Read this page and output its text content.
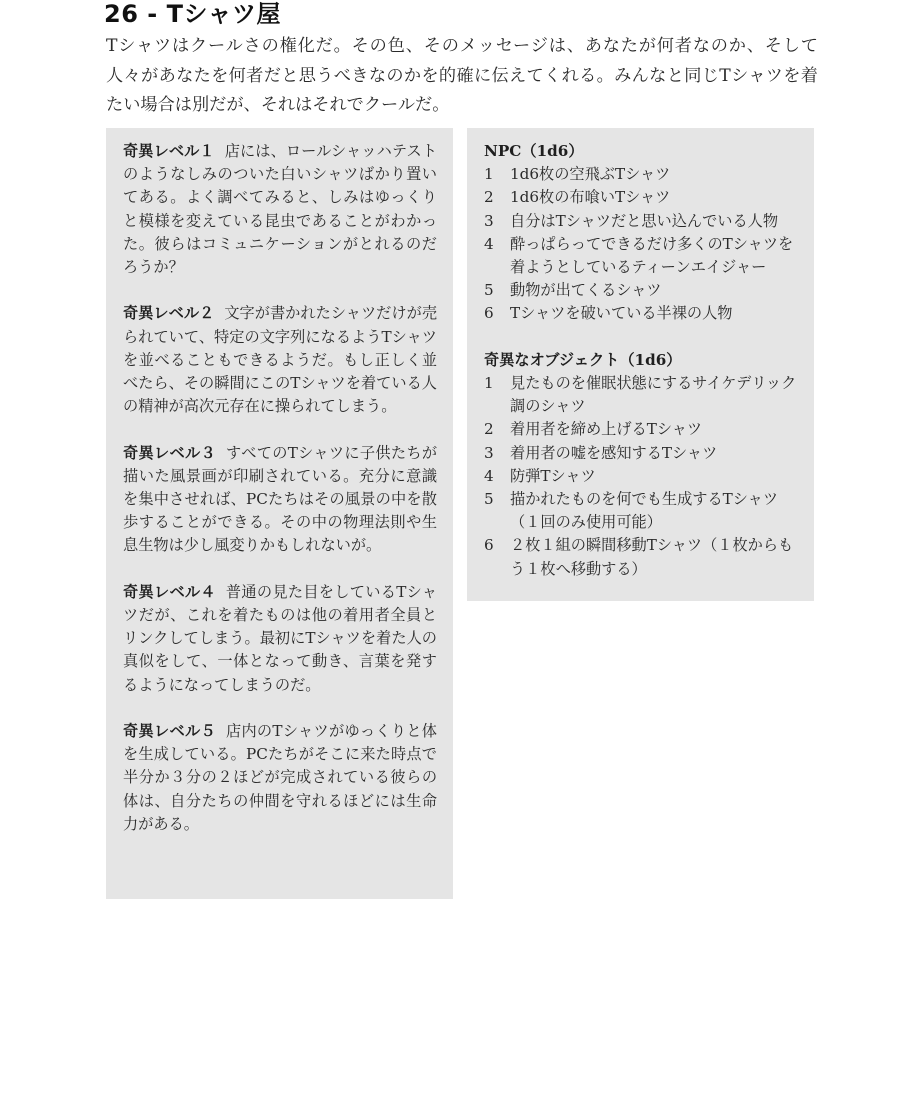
26 - Tシャツ屋
Tシャツはクールさの権化だ。その色、そのメッセージは、あなたが何者なのか、そして人々があなたを何者だと思うべきなのかを的確に伝えてくれる。みんなと同じTシャツを着たい場合は別だが、それはそれでクールだ。

奇異レベル１ 店には、ロールシャッハテストのようなしみのついた白いシャツばかり置いてある。よく調べてみると、しみはゆっくりと模様を変えている昆虫であることがわかった。彼らはコミュニケーションがとれるのだろうか？

奇異レベル２ 文字が書かれたシャツだけが売られていて、特定の文字列になるようTシャツを並べることもできるようだ。もし正しく並べたら、その瞬間にこのTシャツを着ている人の精神が高次元存在に操られてしまう。

奇異レベル３ すべてのTシャツに子供たちが描いた風景画が印刷されている。充分に意識を集中させれば、PCたちはその風景の中を散歩することができる。その中の物理法則や生息生物は少し風変りかもしれないが。

奇異レベル４ 普通の見た目をしているTシャツだが、これを着たものは他の着用者全員とリンクしてしまう。最初にTシャツを着た人の真似をして、一体となって動き、言葉を発するようになってしまうのだ。

奇異レベル５ 店内のTシャツがゆっくりと体を生成している。PCたちがそこに来た時点で半分か３分の２ほどが完成されている彼らの体は、自分たちの仲間を守れるほどには生命力がある。

NPC（1d6）
1	1d6枚の空飛ぶTシャツ
2	1d6枚の布喰いTシャツ
3	自分はTシャツだと思い込んでいる人物
4	酔っぱらってできるだけ多くのTシャツを着ようとしているティーンエイジャー
5	動物が出てくるシャツ
6	Tシャツを破いている半裸の人物
奇異なオブジェクト（1d6）
1	見たものを催眠状態にするサイケデリック調のシャツ
2	着用者を締め上げるTシャツ
3	着用者の嘘を感知するTシャツ
4	防弾Tシャツ
5	描かれたものを何でも生成するTシャツ（１回のみ使用可能）
6	２枚１組の瞬間移動Tシャツ（１枚からもう１枚へ移動する）
